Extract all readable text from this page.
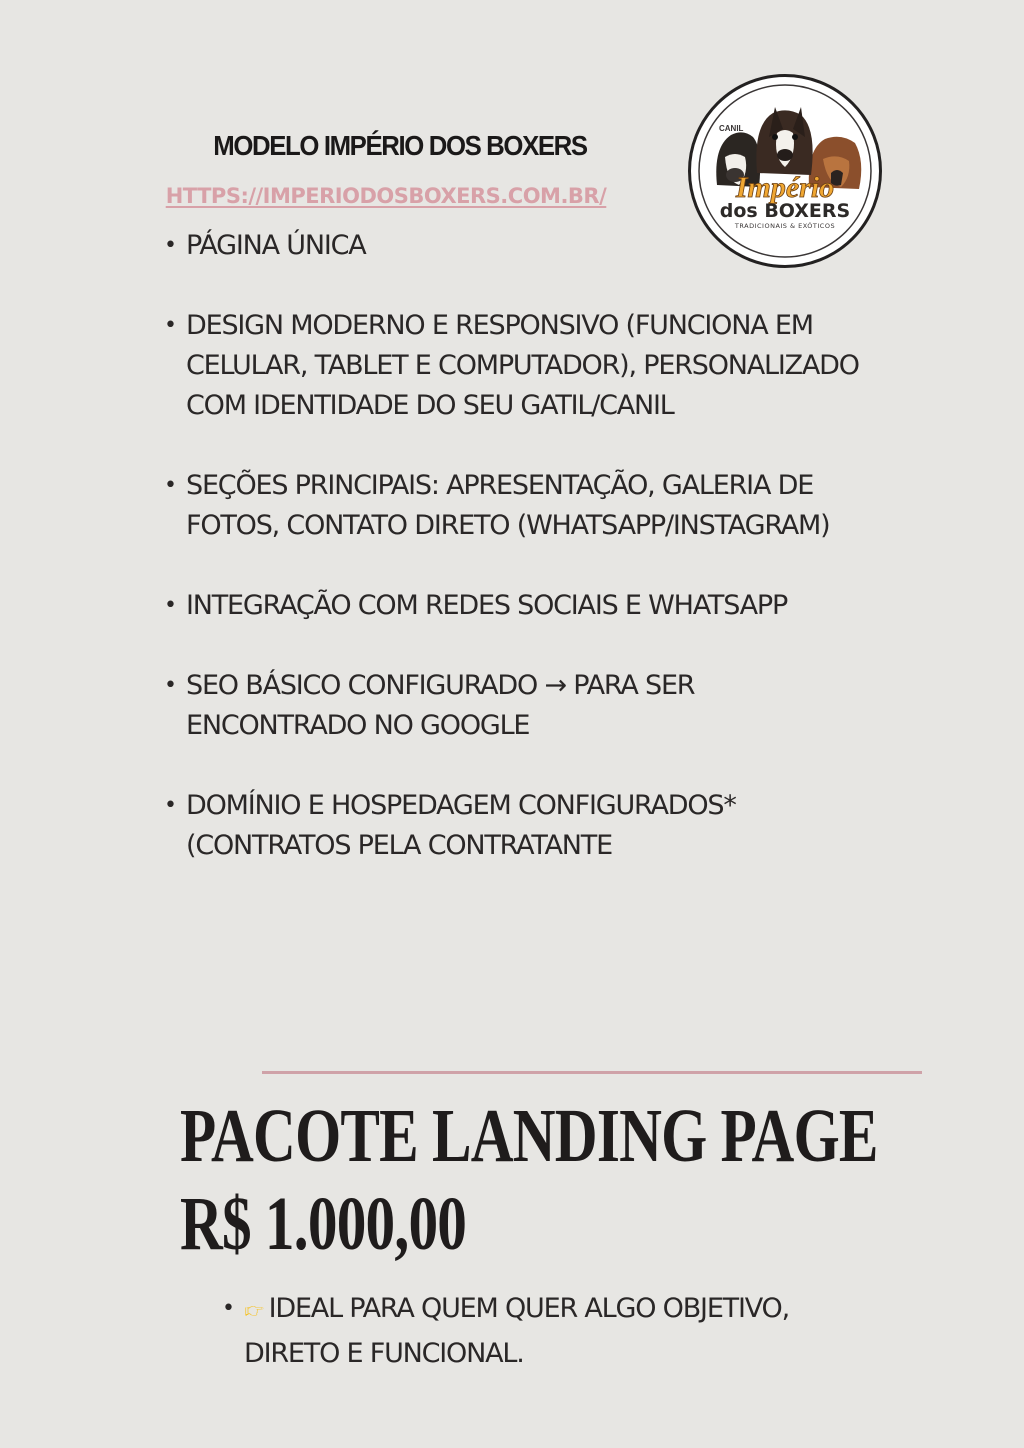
MODELO IMPÉRIO DOS BOXERS
HTTPS://IMPERIODOSBOXERS.COM.BR/
CANIL
Império
dos BOXERS
TRADICIONAIS & EXÓTICOS
• PÁGINA ÚNICA
• DESIGN MODERNO E RESPONSIVO (FUNCIONA EM CELULAR, TABLET E COMPUTADOR), PERSONALIZADO COM IDENTIDADE DO SEU GATIL/CANIL
• SEÇÕES PRINCIPAIS: APRESENTAÇÃO, GALERIA DE FOTOS, CONTATO DIRETO (WHATSAPP/INSTAGRAM)
• INTEGRAÇÃO COM REDES SOCIAIS E WHATSAPP
• SEO BÁSICO CONFIGURADO → PARA SER ENCONTRADO NO GOOGLE
• DOMÍNIO E HOSPEDAGEM CONFIGURADOS* (CONTRATOS PELA CONTRATANTE
PACOTE LANDING PAGE
R$ 1.000,00
• 👉︎ IDEAL PARA QUEM QUER ALGO OBJETIVO, DIRETO E FUNCIONAL.
